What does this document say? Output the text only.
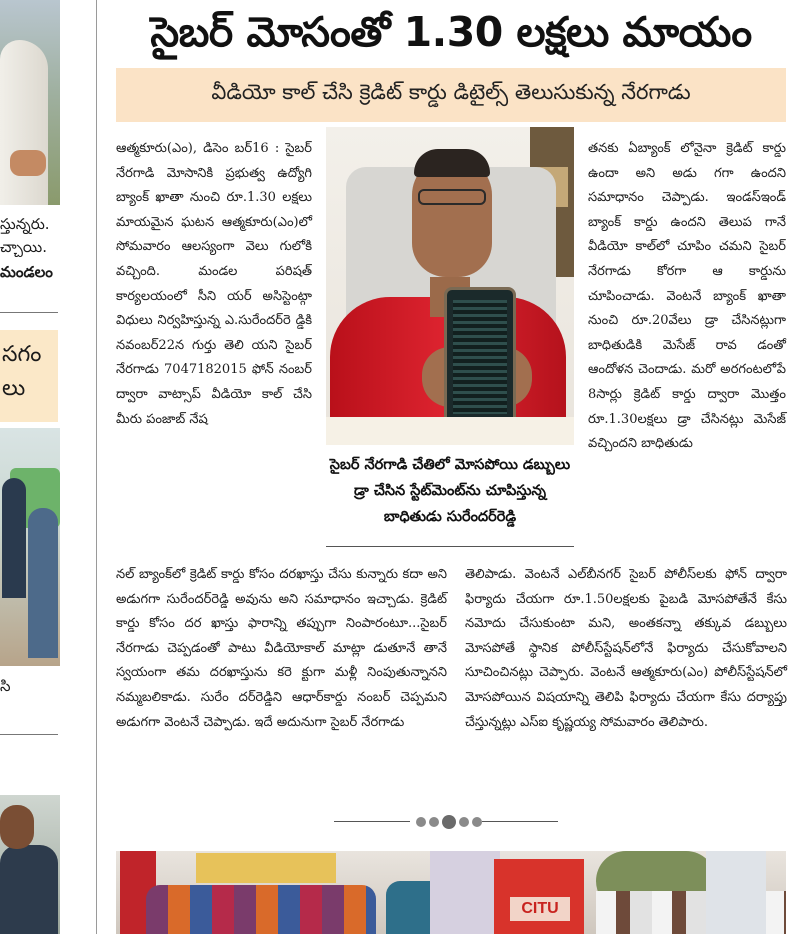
స్తున్నరు.
చ్చాయి.
మండలం
సగం
లు
సి
సైబర్ మోసంతో 1.30 లక్షలు మాయం
వీడియో కాల్ చేసి క్రెడిట్ కార్డు డిటైల్స్ తెలుసుకున్న నేరగాడు

ఆత్మకూరు(ఎం), డిసెం బర్16 : సైబర్ నేరగాడి మోసానికి ప్రభుత్వ ఉద్యోగి బ్యాంక్ ఖాతా నుంచి రూ.1.30 లక్షలు మాయమైన ఘటన ఆత్మకూరు(ఎం)లో సోమవారం ఆలస్యంగా వెలు గులోకి వచ్చింది. మండల పరిషత్ కార్యలయంలో సీని యర్ అసిస్టెంట్గా విధులు నిర్వహిస్తున్న ఎ.సురేందర్‌రె డ్డికి నవంబర్22న గుర్తు తెలి యని సైబర్ నేరగాడు 7047182015 ఫోన్ నంబర్ ద్వారా వాట్సాప్ వీడియో కాల్ చేసి మీరు పంజాబ్ నేష

సైబర్ నేరగాడి చేతిలో మోసపోయి డబ్బులు డ్రా చేసిన స్టేట్‌మెంట్‌ను చూపిస్తున్న బాధితుడు సురేందర్‌రెడ్డి

తనకు ఏబ్యాంక్ లోనైనా క్రెడిట్ కార్డు ఉందా అని అడు గగా ఉందని సమాధానం చెప్పాడు. ఇండస్‌ఇండ్ బ్యాంక్ కార్డు ఉందని తెలుప గానే వీడియో కాల్‌లో చూపిం చమని సైబర్ నేరగాడు కోరగా ఆ కార్డును చూపించాడు. వెంటనే బ్యాంక్ ఖాతా నుంచి రూ.20వేలు డ్రా చేసినట్లుగా బాధితుడికి మెసేజ్ రావ డంతో ఆందోళన చెందాడు. మరో అరగంటలోపే 8సార్లు క్రెడిట్ కార్డు ద్వారా మొత్తం రూ.1.30లక్షలు డ్రా చేసినట్లు మెసేజ్ వచ్చిందని బాధితుడు

నల్ బ్యాంక్‌లో క్రెడిట్ కార్డు కోసం దరఖాస్తు చేసు కున్నారు కదా అని అడుగగా సురేందర్‌రెడ్డి అవును అని సమాధానం ఇచ్చాడు. క్రెడిట్ కార్డు కోసం దర ఖాస్తు ఫారాన్ని తప్పుగా నింపారంటూ...సైబర్ నేరగాడు చెప్పడంతో పాటు వీడియోకాల్ మాట్లా డుతూనే తానే స్వయంగా తమ దరఖాస్తును కరె క్టుగా మళ్లీ నింపుతున్నానని నమ్మబలికాడు. సురేం దర్‌రెడ్డిని ఆధార్‌కార్డు నంబర్ చెప్పమని అడుగగా వెంటనే చెప్పాడు. ఇదే అదునుగా సైబర్ నేరగాడు

తెలిపాడు. వెంటనే ఎల్‌బీనగర్ సైబర్ పోలీస్‌లకు ఫోన్ ద్వారా ఫిర్యాదు చేయగా రూ.1.50లక్షలకు పైబడి మోసపోతేనే కేసు నమోదు చేసుకుంటా మని, అంతకన్నా తక్కువ డబ్బులు మోసపోతే స్థానిక పోలీస్‌స్టేషన్‌లోనే ఫిర్యాదు చేసుకోవాలని సూచించినట్లు చెప్పారు. వెంటనే ఆత్మకూరు(ఎం) పోలీస్‌స్టేషన్‌లో మోసపోయిన విషయాన్ని తెలిపి ఫిర్యాదు చేయగా కేసు దర్యాప్తు చేస్తున్నట్లు ఎస్ఐ కృష్ణయ్య సోమవారం తెలిపారు.

CITU
